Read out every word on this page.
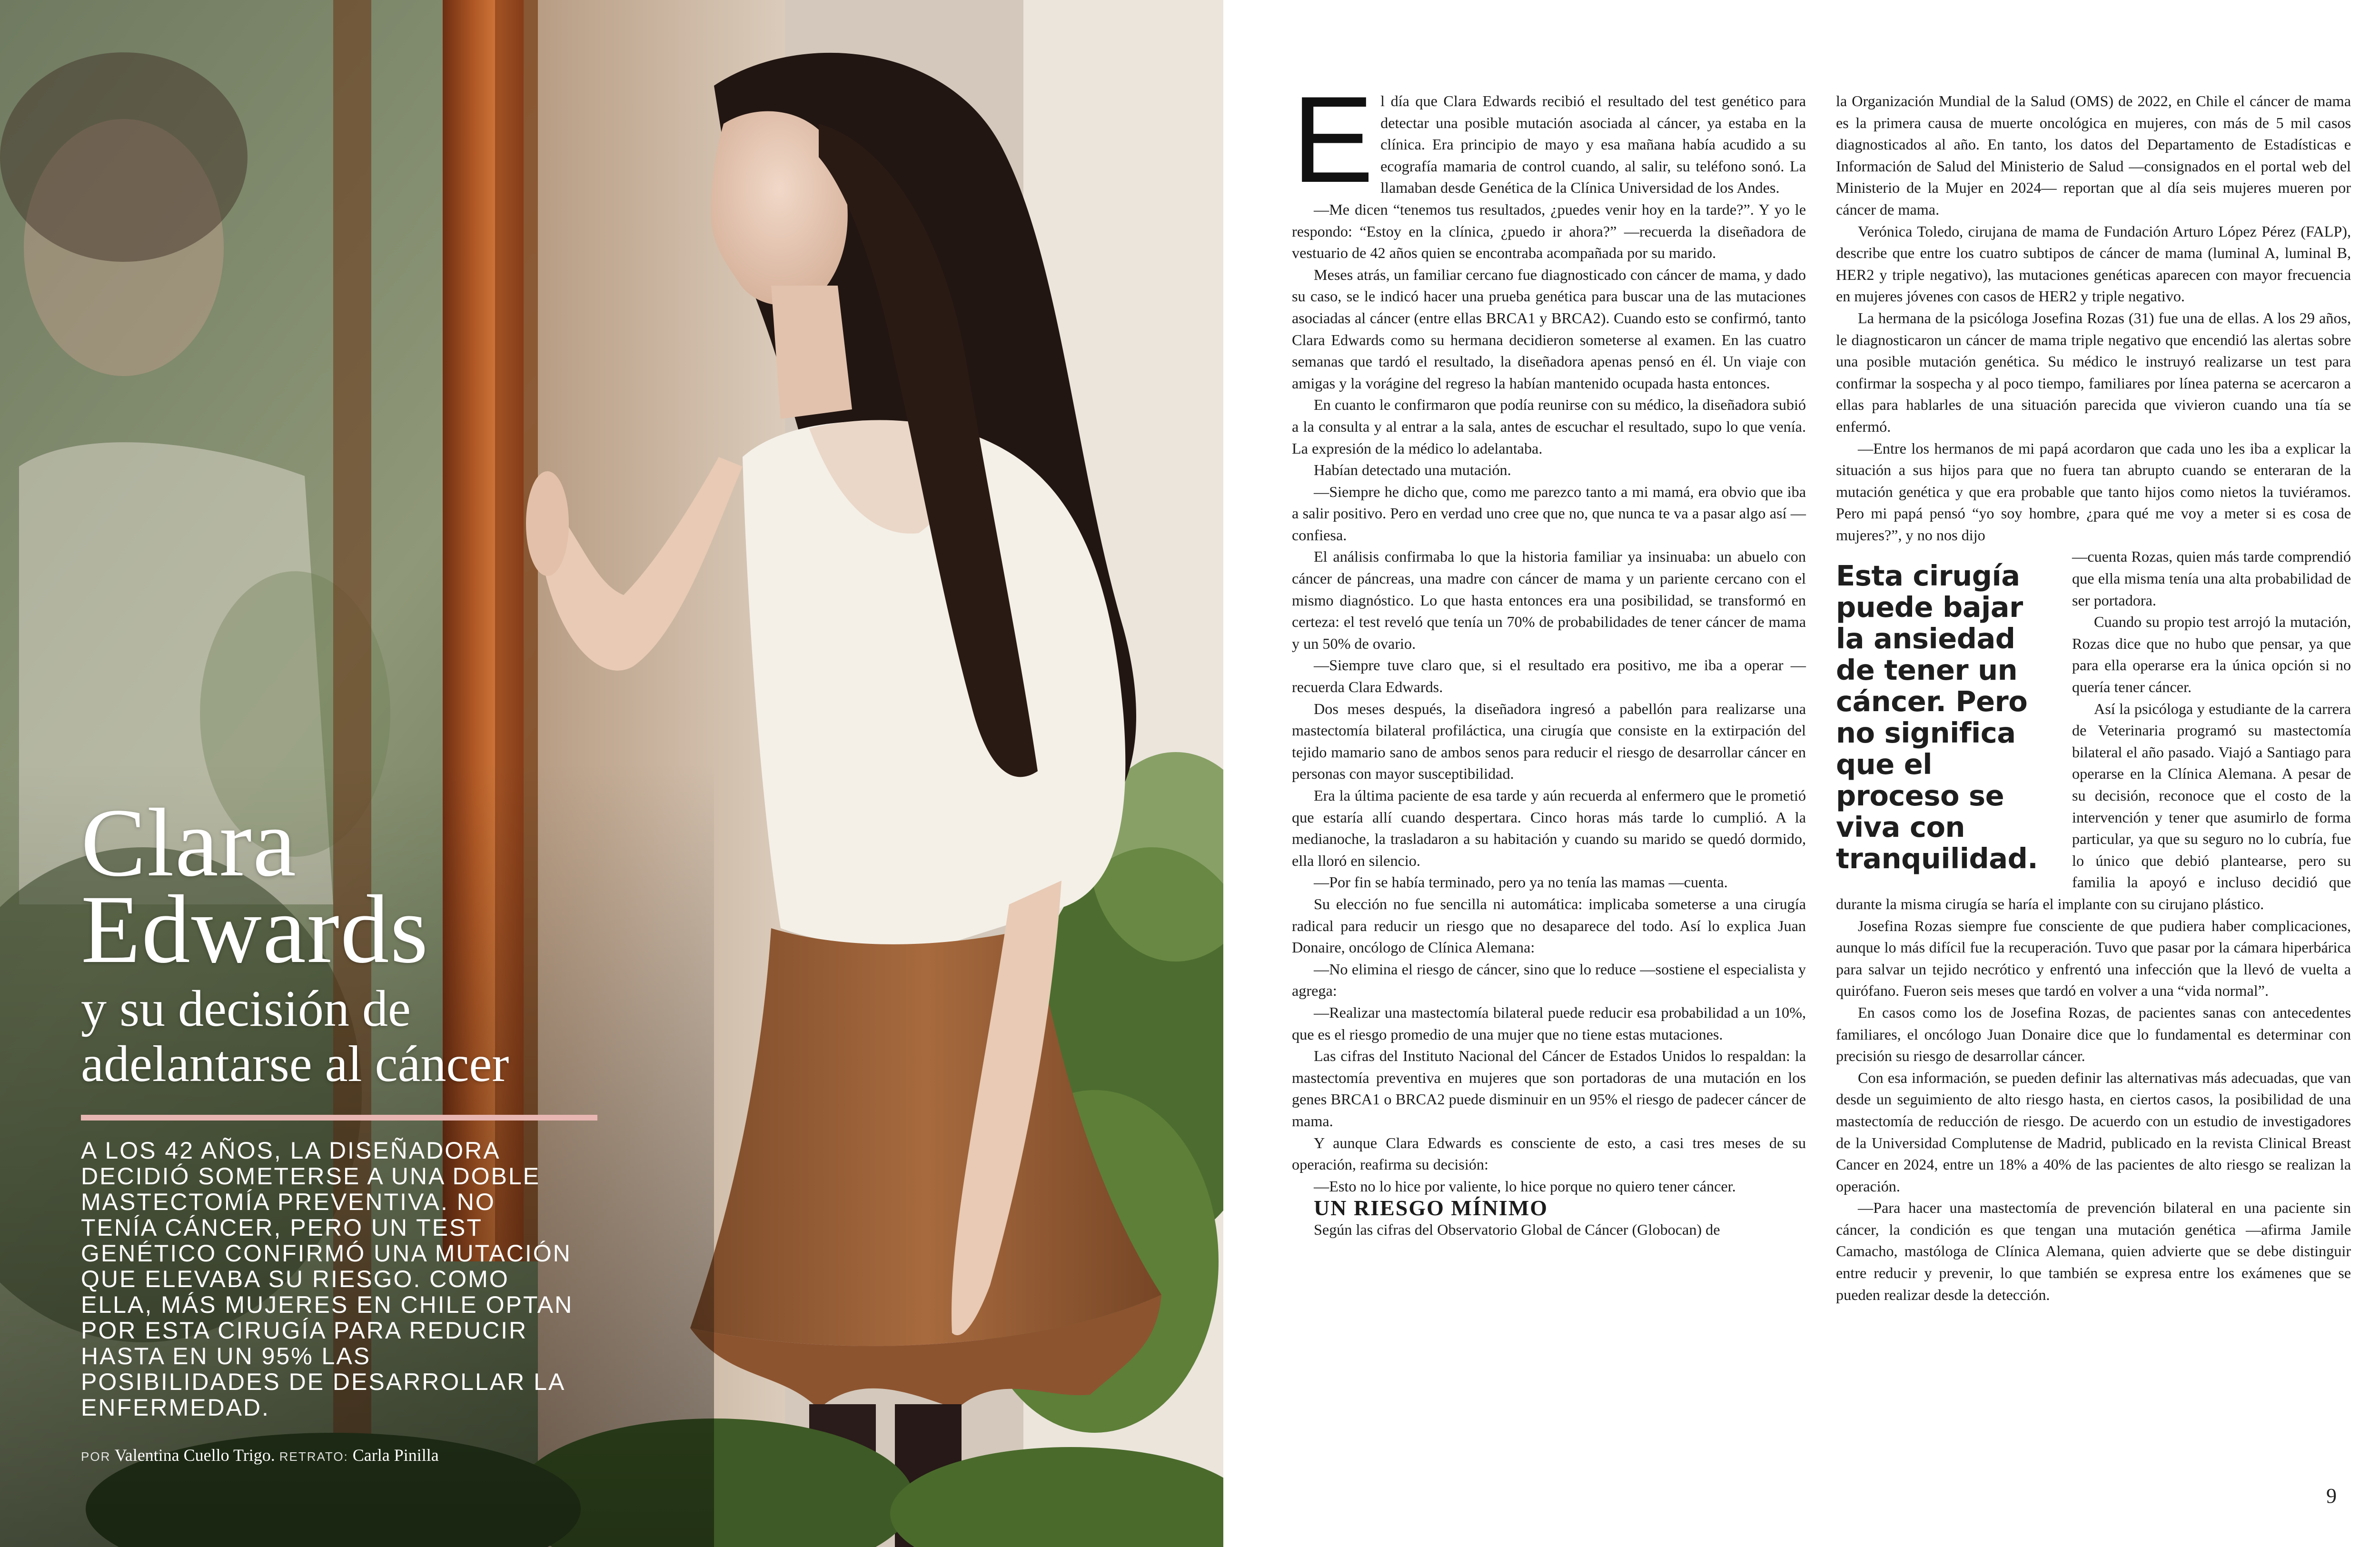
Clara
Edwards
y su decisión de
adelantarse al cáncer

A LOS 42 AÑOS, LA DISEÑADORA DECIDIÓ SOMETERSE A UNA DOBLE MASTECTOMÍA PREVENTIVA. NO TENÍA CÁNCER, PERO UN TEST GENÉTICO CONFIRMÓ UNA MUTACIÓN QUE ELEVABA SU RIESGO. COMO ELLA, MÁS MUJERES EN CHILE OPTAN POR ESTA CIRUGÍA PARA REDUCIR HASTA EN UN 95% LAS POSIBILIDADES DE DESARROLLAR LA ENFERMEDAD.

POR Valentina Cuello Trigo. RETRATO: Carla Pinilla
E l día que Clara Edwards recibió el resultado del test genético para detectar una posible mutación asociada al cáncer, ya estaba en la clínica. Era principio de mayo y esa mañana había acudido a su ecografía mamaria de control cuando, al salir, su teléfono sonó. La llamaban desde Genética de la Clínica Universidad de los Andes.

—Me dicen “tenemos tus resultados, ¿puedes venir hoy en la tarde?”. Y yo le respondo: “Estoy en la clínica, ¿puedo ir ahora?” —recuerda la diseñadora de vestuario de 42 años quien se encontraba acompañada por su marido.

Meses atrás, un familiar cercano fue diagnosticado con cáncer de mama, y dado su caso, se le indicó hacer una prueba genética para buscar una de las mutaciones asociadas al cáncer (entre ellas BRCA1 y BRCA2). Cuando esto se confirmó, tanto Clara Edwards como su hermana decidieron someterse al examen. En las cuatro semanas que tardó el resultado, la diseñadora apenas pensó en él. Un viaje con amigas y la vorágine del regreso la habían mantenido ocupada hasta entonces.

En cuanto le confirmaron que podía reunirse con su médico, la diseñadora subió a la consulta y al entrar a la sala, antes de escuchar el resultado, supo lo que venía. La expresión de la médico lo adelantaba.

Habían detectado una mutación.

—Siempre he dicho que, como me parezco tanto a mi mamá, era obvio que iba a salir positivo. Pero en verdad uno cree que no, que nunca te va a pasar algo así —confiesa.

El análisis confirmaba lo que la historia familiar ya insinuaba: un abuelo con cáncer de páncreas, una madre con cáncer de mama y un pariente cercano con el mismo diagnóstico. Lo que hasta entonces era una posibilidad, se transformó en certeza: el test reveló que tenía un 70% de probabilidades de tener cáncer de mama y un 50% de ovario.

—Siempre tuve claro que, si el resultado era positivo, me iba a operar —recuerda Clara Edwards.

Dos meses después, la diseñadora ingresó a pabellón para realizarse una mastectomía bilateral profiláctica, una cirugía que consiste en la extirpación del tejido mamario sano de ambos senos para reducir el riesgo de desarrollar cáncer en personas con mayor susceptibilidad.

Era la última paciente de esa tarde y aún recuerda al enfermero que le prometió que estaría allí cuando despertara. Cinco horas más tarde lo cumplió. A la medianoche, la trasladaron a su habitación y cuando su marido se quedó dormido, ella lloró en silencio.

—Por fin se había terminado, pero ya no tenía las mamas —cuenta.

Su elección no fue sencilla ni automática: implicaba someterse a una cirugía radical para reducir un riesgo que no desaparece del todo. Así lo explica Juan Donaire, oncólogo de Clínica Alemana:

—No elimina el riesgo de cáncer, sino que lo reduce —sostiene el especialista y agrega:

—Realizar una mastectomía bilateral puede reducir esa probabilidad a un 10%, que es el riesgo promedio de una mujer que no tiene estas mutaciones.

Las cifras del Instituto Nacional del Cáncer de Estados Unidos lo respaldan: la mastectomía preventiva en mujeres que son portadoras de una mutación en los genes BRCA1 o BRCA2 puede disminuir en un 95% el riesgo de padecer cáncer de mama.

Y aunque Clara Edwards es consciente de esto, a casi tres meses de su operación, reafirma su decisión:

—Esto no lo hice por valiente, lo hice porque no quiero tener cáncer.

UN RIESGO MÍNIMO

Según las cifras del Observatorio Global de Cáncer (Globocan) de

la Organización Mundial de la Salud (OMS) de 2022, en Chile el cáncer de mama es la primera causa de muerte oncológica en mujeres, con más de 5 mil casos diagnosticados al año. En tanto, los datos del Departamento de Estadísticas e Información de Salud del Ministerio de Salud —consignados en el portal web del Ministerio de la Mujer en 2024— reportan que al día seis mujeres mueren por cáncer de mama.

Verónica Toledo, cirujana de mama de Fundación Arturo López Pérez (FALP), describe que entre los cuatro subtipos de cáncer de mama (luminal A, luminal B, HER2 y triple negativo), las mutaciones genéticas aparecen con mayor frecuencia en mujeres jóvenes con casos de HER2 y triple negativo.

La hermana de la psicóloga Josefina Rozas (31) fue una de ellas. A los 29 años, le diagnosticaron un cáncer de mama triple negativo que encendió las alertas sobre una posible mutación genética. Su médico le instruyó realizarse un test para confirmar la sospecha y al poco tiempo, familiares por línea paterna se acercaron a ellas para hablarles de una situación parecida que vivieron cuando una tía se enfermó.

—Entre los hermanos de mi papá acordaron que cada uno les iba a explicar la situación a sus hijos para que no fuera tan abrupto cuando se enteraran de la mutación genética y que era probable que tanto hijos como nietos la tuviéramos. Pero mi papá pensó “yo soy hombre, ¿para qué me voy a meter si es cosa de mujeres?”, y no nos dijo

Esta cirugía puede bajar la ansiedad de tener un cáncer. Pero no significa que el proceso se viva con tranquilidad.

—cuenta Rozas, quien más tarde comprendió que ella misma tenía una alta probabilidad de ser portadora.

Cuando su propio test arrojó la mutación, Rozas dice que no hubo que pensar, ya que para ella operarse era la única opción si no quería tener cáncer.

Así la psicóloga y estudiante de la carrera de Veterinaria programó su mastectomía bilateral el año pasado. Viajó a Santiago para operarse en la Clínica Alemana. A pesar de su decisión, reconoce que el costo de la intervención y tener que asumirlo de forma particular, ya que su seguro no lo cubría, fue lo único que debió plantearse, pero su familia la apoyó e incluso decidió que durante la misma cirugía se haría el implante con su cirujano plástico.

Josefina Rozas siempre fue consciente de que pudiera haber complicaciones, aunque lo más difícil fue la recuperación. Tuvo que pasar por la cámara hiperbárica para salvar un tejido necrótico y enfrentó una infección que la llevó de vuelta a quirófano. Fueron seis meses que tardó en volver a una “vida normal”.

En casos como los de Josefina Rozas, de pacientes sanas con antecedentes familiares, el oncólogo Juan Donaire dice que lo fundamental es determinar con precisión su riesgo de desarrollar cáncer.

Con esa información, se pueden definir las alternativas más adecuadas, que van desde un seguimiento de alto riesgo hasta, en ciertos casos, la posibilidad de una mastectomía de reducción de riesgo. De acuerdo con un estudio de investigadores de la Universidad Complutense de Madrid, publicado en la revista Clinical Breast Cancer en 2024, entre un 18% a 40% de las pacientes de alto riesgo se realizan la operación.

—Para hacer una mastectomía de prevención bilateral en una paciente sin cáncer, la condición es que tengan una mutación genética —afirma Jamile Camacho, mastóloga de Clínica Alemana, quien advierte que se debe distinguir entre reducir y prevenir, lo que también se expresa entre los exámenes que se pueden realizar desde la detección.

9
